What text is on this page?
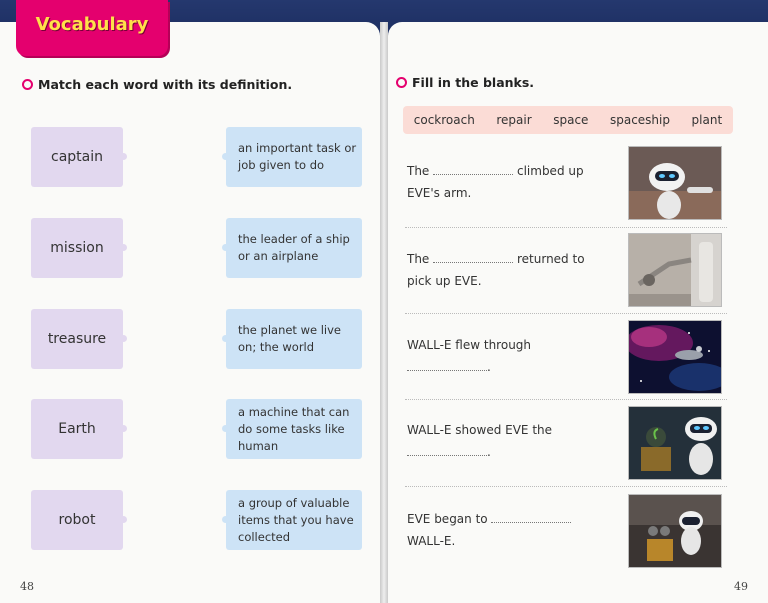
Vocabulary
Match each word with its definition.
captain
mission
treasure
Earth
robot
an important task or job given to do
the leader of a ship or an airplane
the planet we live on; the world
a machine that can do some tasks like human
a group of valuable items that you have collected
48
Fill in the blanks.
cockroach repair space spaceship plant
The	climbed up
EVE's arm.
The	returned to
pick up EVE.
WALL-E flew through
.
WALL-E showed EVE the
.
EVE began to
WALL-E.
49
